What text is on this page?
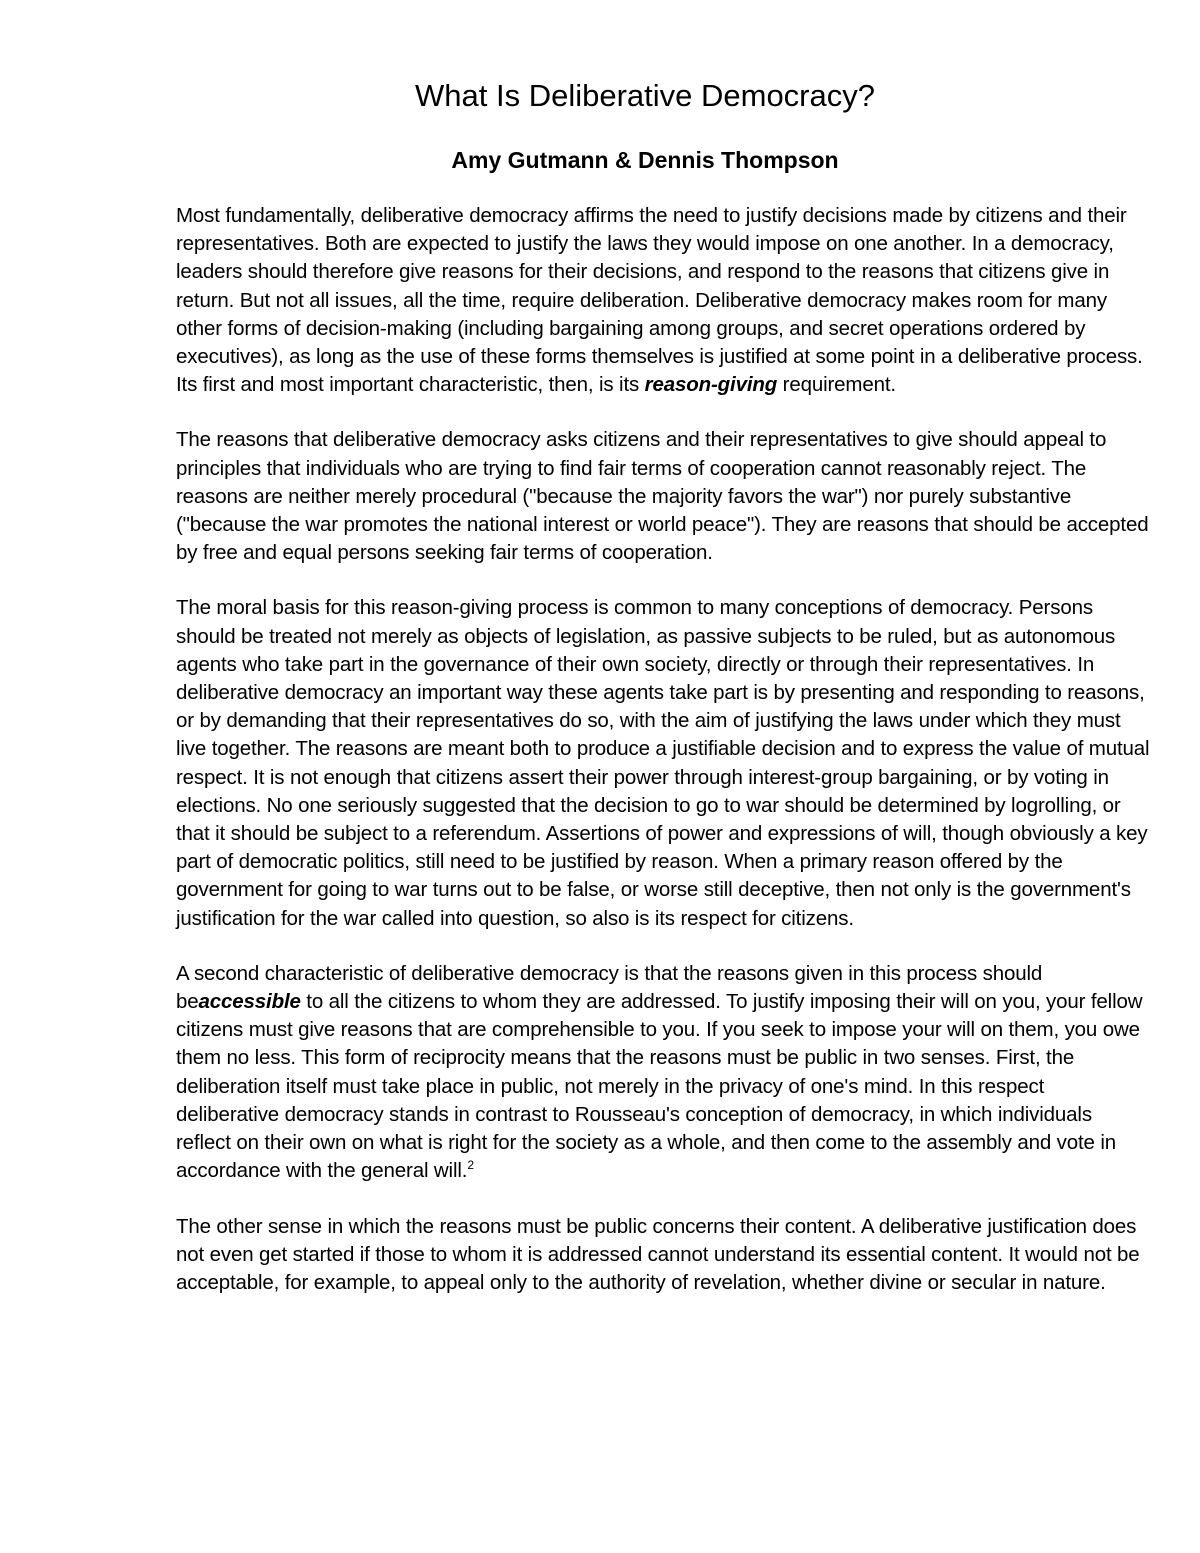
What Is Deliberative Democracy?
Amy Gutmann & Dennis Thompson

Most fundamentally, deliberative democracy affirms the need to justify decisions made by citizens and their representatives. Both are expected to justify the laws they would impose on one another. In a democracy, leaders should therefore give reasons for their decisions, and respond to the reasons that citizens give in return. But not all issues, all the time, require deliberation. Deliberative democracy makes room for many other forms of decision-making (including bargaining among groups, and secret operations ordered by executives), as long as the use of these forms themselves is justified at some point in a deliberative process. Its first and most important characteristic, then, is its reason-giving requirement.

The reasons that deliberative democracy asks citizens and their representatives to give should appeal to principles that individuals who are trying to find fair terms of cooperation cannot reasonably reject. The reasons are neither merely procedural ("because the majority favors the war") nor purely substantive ("because the war promotes the national interest or world peace"). They are reasons that should be accepted by free and equal persons seeking fair terms of cooperation.

The moral basis for this reason-giving process is common to many conceptions of democracy. Persons should be treated not merely as objects of legislation, as passive subjects to be ruled, but as autonomous agents who take part in the governance of their own society, directly or through their representatives. In deliberative democracy an important way these agents take part is by presenting and responding to reasons, or by demanding that their representatives do so, with the aim of justifying the laws under which they must live together. The reasons are meant both to produce a justifiable decision and to express the value of mutual respect. It is not enough that citizens assert their power through interest-group bargaining, or by voting in elections. No one seriously suggested that the decision to go to war should be determined by logrolling, or that it should be subject to a referendum. Assertions of power and expressions of will, though obviously a key part of democratic politics, still need to be justified by reason. When a primary reason offered by the government for going to war turns out to be false, or worse still deceptive, then not only is the government's justification for the war called into question, so also is its respect for citizens.

A second characteristic of deliberative democracy is that the reasons given in this process should beaccessible to all the citizens to whom they are addressed. To justify imposing their will on you, your fellow citizens must give reasons that are comprehensible to you. If you seek to impose your will on them, you owe them no less. This form of reciprocity means that the reasons must be public in two senses. First, the deliberation itself must take place in public, not merely in the privacy of one's mind. In this respect deliberative democracy stands in contrast to Rousseau's conception of democracy, in which individuals reflect on their own on what is right for the society as a whole, and then come to the assembly and vote in accordance with the general will.$^2$

The other sense in which the reasons must be public concerns their content. A deliberative justification does not even get started if those to whom it is addressed cannot understand its essential content. It would not be acceptable, for example, to appeal only to the authority of revelation, whether divine or secular in nature.
